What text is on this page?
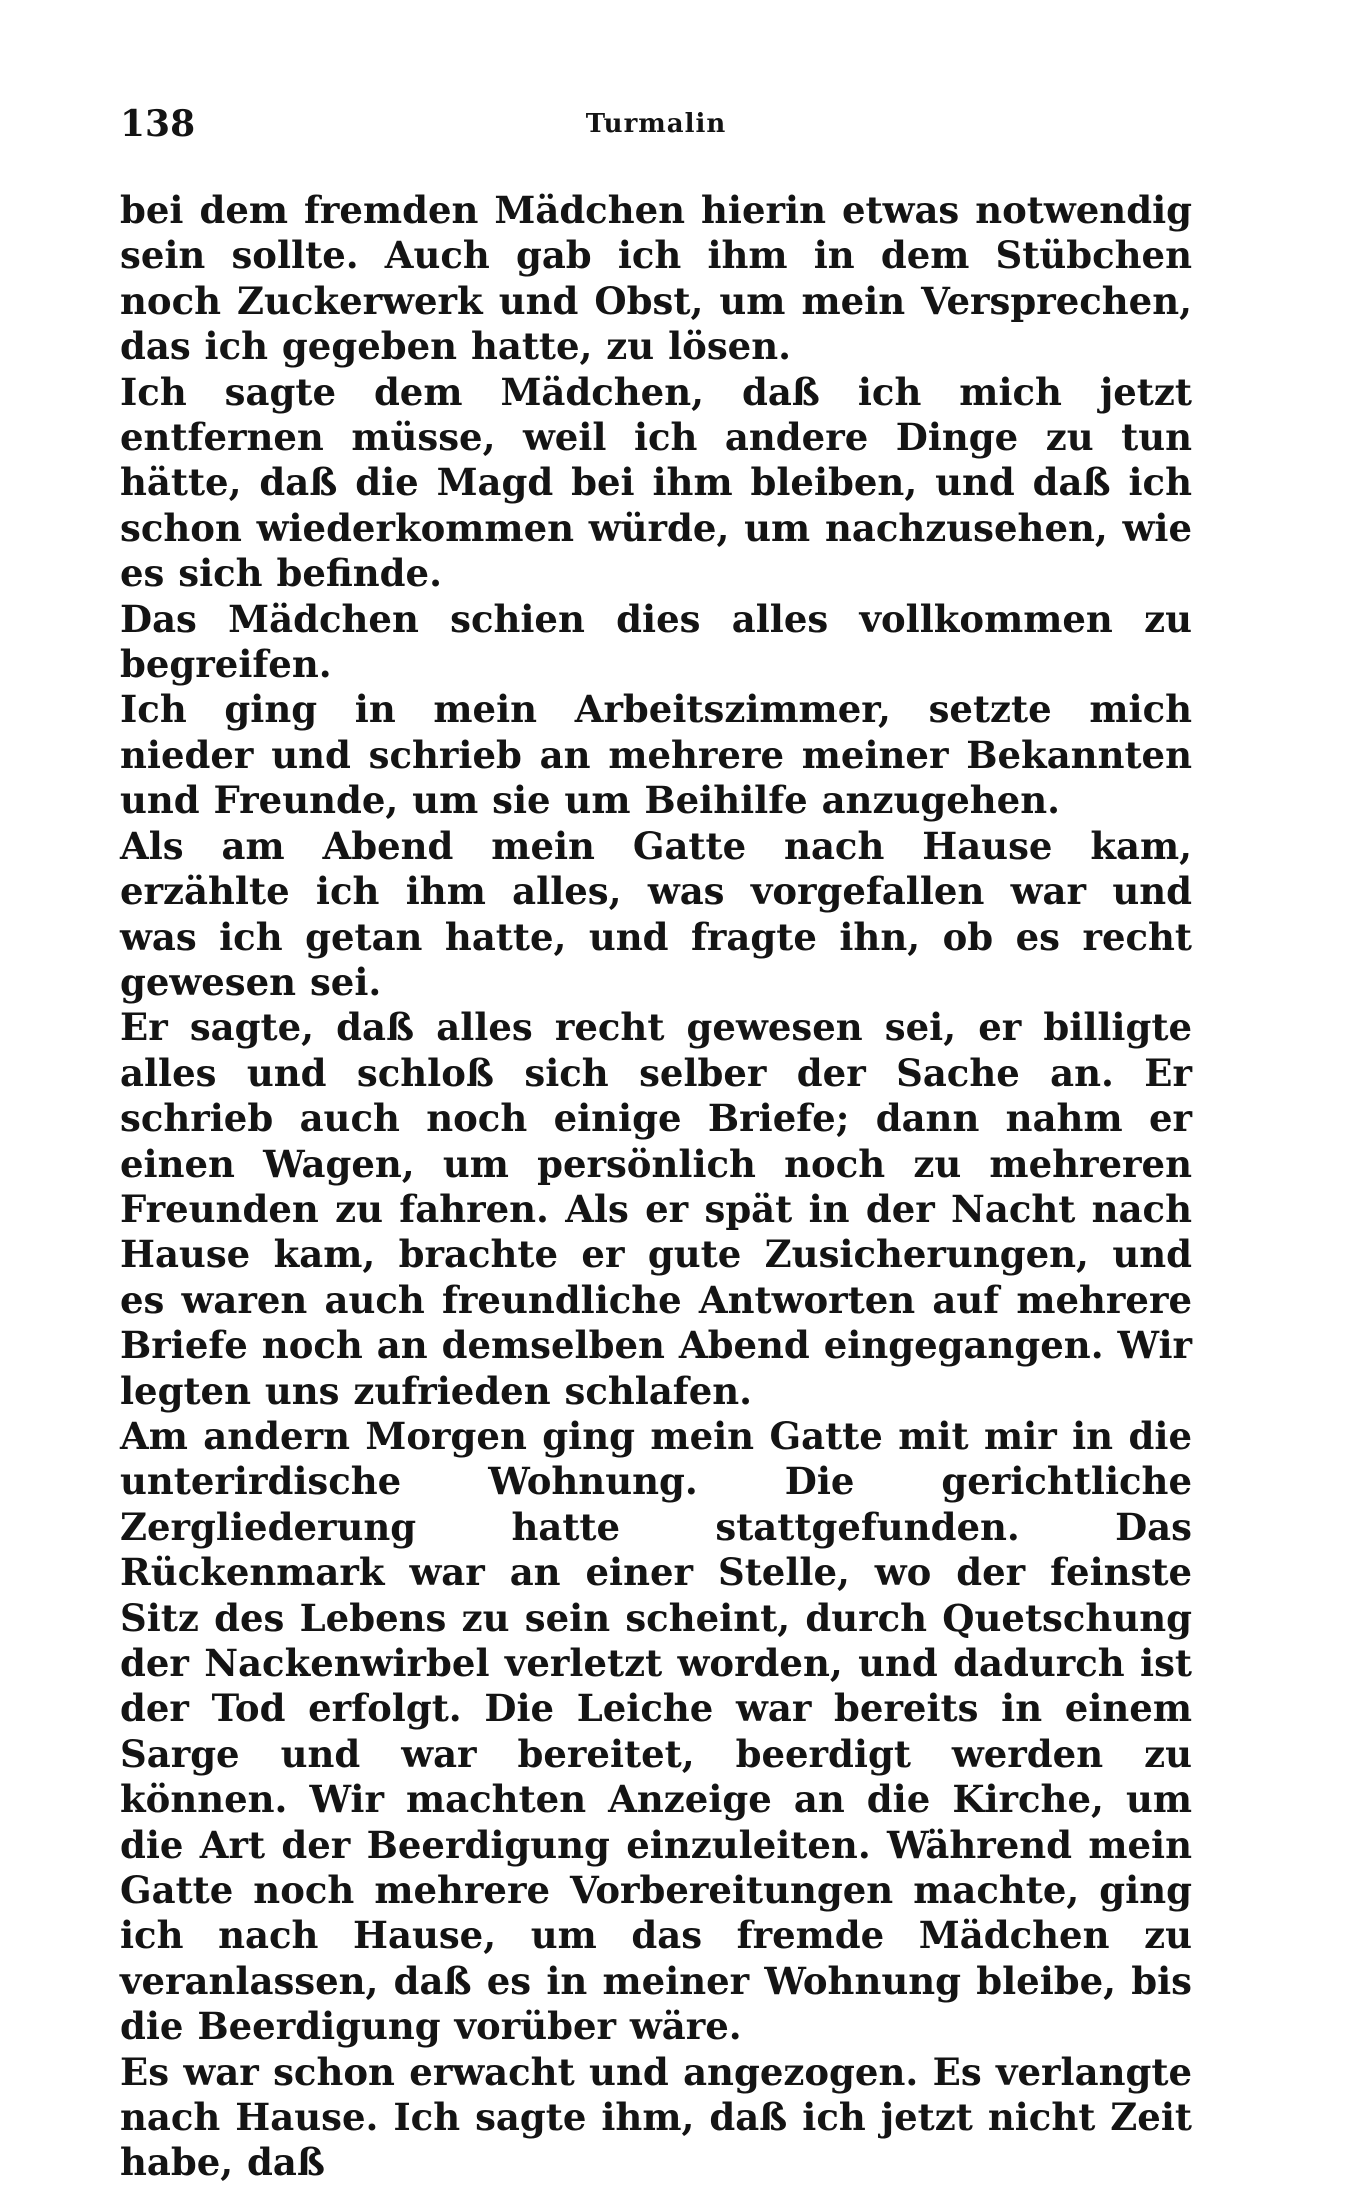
138	Turmalin

bei dem fremden Mädchen hierin etwas notwendig sein sollte. Auch gab ich ihm in dem Stübchen noch Zuckerwerk und Obst, um mein Versprechen, das ich gegeben hatte, zu lösen.

Ich sagte dem Mädchen, daß ich mich jetzt entfernen müsse, weil ich andere Dinge zu tun hätte, daß die Magd bei ihm bleiben, und daß ich schon wiederkommen würde, um nachzusehen, wie es sich befinde.

Das Mädchen schien dies alles vollkommen zu begreifen.

Ich ging in mein Arbeitszimmer, setzte mich nieder und schrieb an mehrere meiner Bekannten und Freunde, um sie um Beihilfe anzugehen.

Als am Abend mein Gatte nach Hause kam, erzählte ich ihm alles, was vorgefallen war und was ich getan hatte, und fragte ihn, ob es recht gewesen sei.

Er sagte, daß alles recht gewesen sei, er billigte alles und schloß sich selber der Sache an. Er schrieb auch noch einige Briefe; dann nahm er einen Wagen, um persönlich noch zu mehreren Freunden zu fahren. Als er spät in der Nacht nach Hause kam, brachte er gute Zusicherungen, und es waren auch freundliche Antworten auf mehrere Briefe noch an demselben Abend eingegangen. Wir legten uns zufrieden schlafen.

Am andern Morgen ging mein Gatte mit mir in die unterirdische Wohnung. Die gerichtliche Zergliederung hatte stattgefunden. Das Rückenmark war an einer Stelle, wo der feinste Sitz des Lebens zu sein scheint, durch Quetschung der Nackenwirbel verletzt worden, und dadurch ist der Tod erfolgt. Die Leiche war bereits in einem Sarge und war bereitet, beerdigt werden zu können. Wir machten Anzeige an die Kirche, um die Art der Beerdigung einzuleiten. Während mein Gatte noch mehrere Vorbereitungen machte, ging ich nach Hause, um das fremde Mädchen zu veranlassen, daß es in meiner Wohnung bleibe, bis die Beerdigung vorüber wäre.

Es war schon erwacht und angezogen. Es verlangte nach Hause. Ich sagte ihm, daß ich jetzt nicht Zeit habe, daß
